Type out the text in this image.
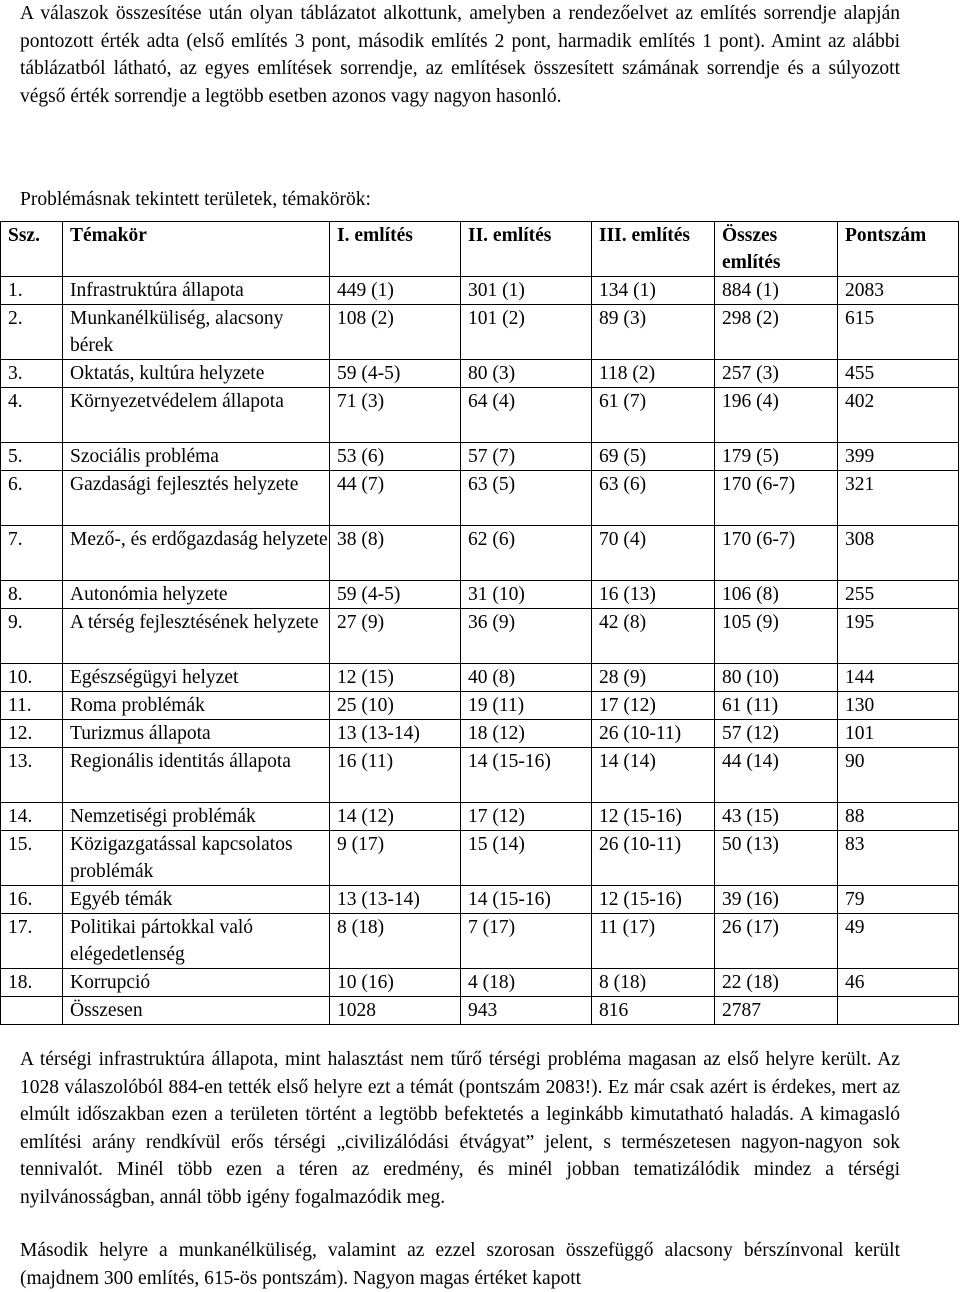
A válaszok összesítése után olyan táblázatot alkottunk, amelyben a rendezőelvet az említés sorrendje alapján pontozott érték adta (első említés 3 pont, második említés 2 pont, harmadik említés 1 pont). Amint az alábbi táblázatból látható, az egyes említések sorrendje, az említések összesített számának sorrendje és a súlyozott végső érték sorrendje a legtöbb esetben azonos vagy nagyon hasonló.

Problémásnak tekintett területek, témakörök:

Ssz.	Témakör	I. említés	II. említés	III. említés	Összes említés	Pontszám
1.	Infrastruktúra állapota	449 (1)	301 (1)	134 (1)	884 (1)	2083
2.	Munkanélküliség, alacsony bérek	108 (2)	101 (2)	89 (3)	298 (2)	615
3.	Oktatás, kultúra helyzete	59 (4-5)	80 (3)	118 (2)	257 (3)	455
4.	Környezetvédelem állapota	71 (3)	64 (4)	61 (7)	196 (4)	402
5.	Szociális probléma	53 (6)	57 (7)	69 (5)	179 (5)	399
6.	Gazdasági fejlesztés helyzete	44 (7)	63 (5)	63 (6)	170 (6-7)	321
7.	Mező-, és erdőgazdaság helyzete	38 (8)	62 (6)	70 (4)	170 (6-7)	308
8.	Autonómia helyzete	59 (4-5)	31 (10)	16 (13)	106 (8)	255
9.	A térség fejlesztésének helyzete	27 (9)	36 (9)	42 (8)	105 (9)	195
10.	Egészségügyi helyzet	12 (15)	40 (8)	28 (9)	80 (10)	144
11.	Roma problémák	25 (10)	19 (11)	17 (12)	61 (11)	130
12.	Turizmus állapota	13 (13-14)	18 (12)	26 (10-11)	57 (12)	101
13.	Regionális identitás állapota	16 (11)	14 (15-16)	14 (14)	44 (14)	90
14.	Nemzetiségi problémák	14 (12)	17 (12)	12 (15-16)	43 (15)	88
15.	Közigazgatással kapcsolatos problémák	9 (17)	15 (14)	26 (10-11)	50 (13)	83
16.	Egyéb témák	13 (13-14)	14 (15-16)	12 (15-16)	39 (16)	79
17.	Politikai pártokkal való elégedetlenség	8 (18)	7 (17)	11 (17)	26 (17)	49
18.	Korrupció	10 (16)	4 (18)	8 (18)	22 (18)	46
	Összesen	1028	943	816	2787	

A térségi infrastruktúra állapota, mint halasztást nem tűrő térségi probléma magasan az első helyre került. Az 1028 válaszolóból 884-en tették első helyre ezt a témát (pontszám 2083!). Ez már csak azért is érdekes, mert az elmúlt időszakban ezen a területen történt a legtöbb befektetés a leginkább kimutatható haladás. A kimagasló említési arány rendkívül erős térségi „civilizálódási étvágyat” jelent, s természetesen nagyon-nagyon sok tennivalót. Minél több ezen a téren az eredmény, és minél jobban tematizálódik mindez a térségi nyilvánosságban, annál több igény fogalmazódik meg.

Második helyre a munkanélküliség, valamint az ezzel szorosan összefüggő alacsony bérszínvonal került (majdnem 300 említés, 615-ös pontszám). Nagyon magas értéket kapott
